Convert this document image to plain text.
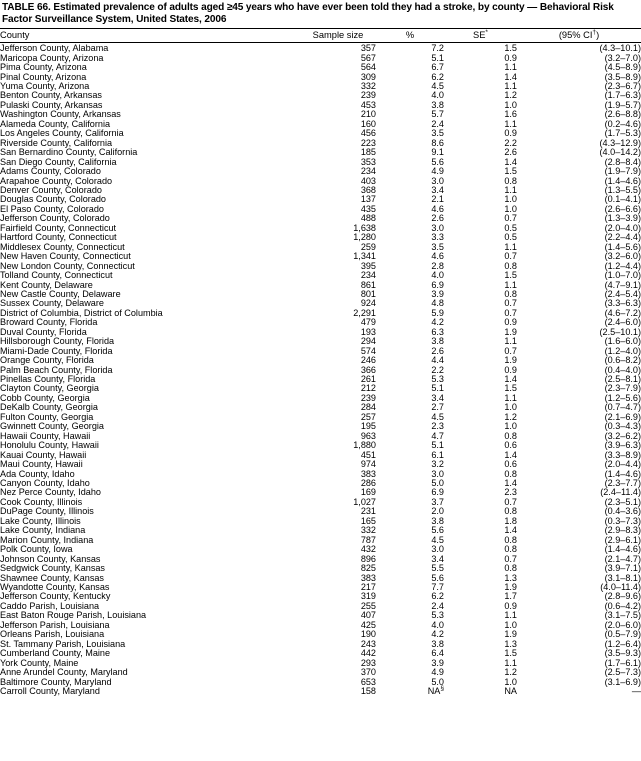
TABLE 66. Estimated prevalence of adults aged ≥45 years who have ever been told they had a stroke, by county — Behavioral Risk Factor Surveillance System, United States, 2006
County	Sample size	%	SE*	(95% CI†)
Jefferson County, Alabama	357	7.2	1.5	(4.3–10.1)
Maricopa County, Arizona	567	5.1	0.9	(3.2–7.0)
Pima County, Arizona	564	6.7	1.1	(4.5–8.9)
Pinal County, Arizona	309	6.2	1.4	(3.5–8.9)
Yuma County, Arizona	332	4.5	1.1	(2.3–6.7)
Benton County, Arkansas	239	4.0	1.2	(1.7–6.3)
Pulaski County, Arkansas	453	3.8	1.0	(1.9–5.7)
Washington County, Arkansas	210	5.7	1.6	(2.6–8.8)
Alameda County, California	160	2.4	1.1	(0.2–4.6)
Los Angeles County, California	456	3.5	0.9	(1.7–5.3)
Riverside County, California	223	8.6	2.2	(4.3–12.9)
San Bernardino County, California	185	9.1	2.6	(4.0–14.2)
San Diego County, California	353	5.6	1.4	(2.8–8.4)
Adams County, Colorado	234	4.9	1.5	(1.9–7.9)
Arapahoe County, Colorado	403	3.0	0.8	(1.4–4.6)
Denver County, Colorado	368	3.4	1.1	(1.3–5.5)
Douglas County, Colorado	137	2.1	1.0	(0.1–4.1)
El Paso County, Colorado	435	4.6	1.0	(2.6–6.6)
Jefferson County, Colorado	488	2.6	0.7	(1.3–3.9)
Fairfield County, Connecticut	1,638	3.0	0.5	(2.0–4.0)
Hartford County, Connecticut	1,280	3.3	0.5	(2.2–4.4)
Middlesex County, Connecticut	259	3.5	1.1	(1.4–5.6)
New Haven County, Connecticut	1,341	4.6	0.7	(3.2–6.0)
New London County, Connecticut	395	2.8	0.8	(1.2–4.4)
Tolland County, Connecticut	234	4.0	1.5	(1.0–7.0)
Kent County, Delaware	861	6.9	1.1	(4.7–9.1)
New Castle County, Delaware	801	3.9	0.8	(2.4–5.4)
Sussex County, Delaware	924	4.8	0.7	(3.3–6.3)
District of Columbia, District of Columbia	2,291	5.9	0.7	(4.6–7.2)
Broward County, Florida	479	4.2	0.9	(2.4–6.0)
Duval County, Florida	193	6.3	1.9	(2.5–10.1)
Hillsborough County, Florida	294	3.8	1.1	(1.6–6.0)
Miami-Dade County, Florida	574	2.6	0.7	(1.2–4.0)
Orange County, Florida	246	4.4	1.9	(0.6–8.2)
Palm Beach County, Florida	366	2.2	0.9	(0.4–4.0)
Pinellas County, Florida	261	5.3	1.4	(2.5–8.1)
Clayton County, Georgia	212	5.1	1.5	(2.3–7.9)
Cobb County, Georgia	239	3.4	1.1	(1.2–5.6)
DeKalb County, Georgia	284	2.7	1.0	(0.7–4.7)
Fulton County, Georgia	257	4.5	1.2	(2.1–6.9)
Gwinnett County, Georgia	195	2.3	1.0	(0.3–4.3)
Hawaii County, Hawaii	963	4.7	0.8	(3.2–6.2)
Honolulu County, Hawaii	1,880	5.1	0.6	(3.9–6.3)
Kauai County, Hawaii	451	6.1	1.4	(3.3–8.9)
Maui County, Hawaii	974	3.2	0.6	(2.0–4.4)
Ada County, Idaho	383	3.0	0.8	(1.4–4.6)
Canyon County, Idaho	286	5.0	1.4	(2.3–7.7)
Nez Perce County, Idaho	169	6.9	2.3	(2.4–11.4)
Cook County, Illinois	1,027	3.7	0.7	(2.3–5.1)
DuPage County, Illinois	231	2.0	0.8	(0.4–3.6)
Lake County, Illinois	165	3.8	1.8	(0.3–7.3)
Lake County, Indiana	332	5.6	1.4	(2.9–8.3)
Marion County, Indiana	787	4.5	0.8	(2.9–6.1)
Polk County, Iowa	432	3.0	0.8	(1.4–4.6)
Johnson County, Kansas	896	3.4	0.7	(2.1–4.7)
Sedgwick County, Kansas	825	5.5	0.8	(3.9–7.1)
Shawnee County, Kansas	383	5.6	1.3	(3.1–8.1)
Wyandotte County, Kansas	217	7.7	1.9	(4.0–11.4)
Jefferson County, Kentucky	319	6.2	1.7	(2.8–9.6)
Caddo Parish, Louisiana	255	2.4	0.9	(0.6–4.2)
East Baton Rouge Parish, Louisiana	407	5.3	1.1	(3.1–7.5)
Jefferson Parish, Louisiana	425	4.0	1.0	(2.0–6.0)
Orleans Parish, Louisiana	190	4.2	1.9	(0.5–7.9)
St. Tammany Parish, Louisiana	243	3.8	1.3	(1.2–6.4)
Cumberland County, Maine	442	6.4	1.5	(3.5–9.3)
York County, Maine	293	3.9	1.1	(1.7–6.1)
Anne Arundel County, Maryland	370	4.9	1.2	(2.5–7.3)
Baltimore County, Maryland	653	5.0	1.0	(3.1–6.9)
Carroll County, Maryland	158	NA§	NA	—
